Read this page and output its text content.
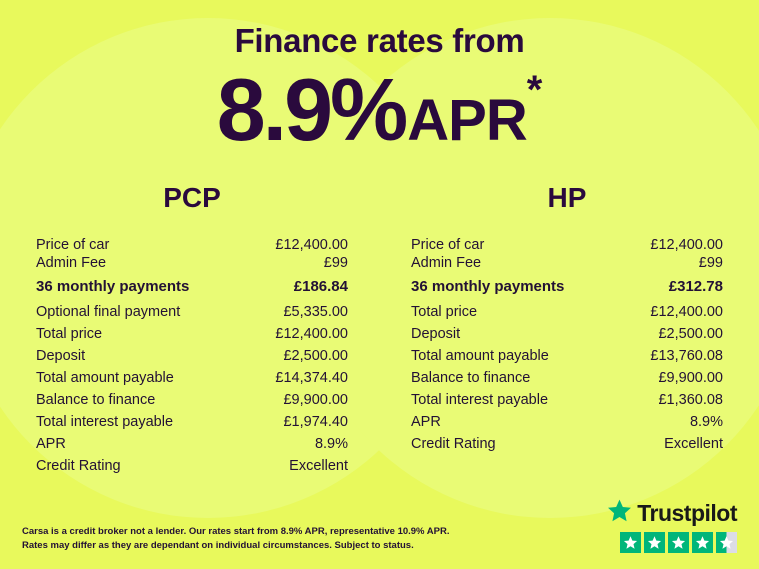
Finance rates from
8.9%APR*
PCP
Price of car	£12,400.00
Admin Fee	£99
36 monthly payments	£186.84
Optional final payment	£5,335.00
Total price	£12,400.00
Deposit	£2,500.00
Total amount payable	£14,374.40
Balance to finance	£9,900.00
Total interest payable	£1,974.40
APR	8.9%
Credit Rating	Excellent
HP
Price of car	£12,400.00
Admin Fee	£99
36 monthly payments	£312.78
Total price	£12,400.00
Deposit	£2,500.00
Total amount payable	£13,760.08
Balance to finance	£9,900.00
Total interest payable	£1,360.08
APR	8.9%
Credit Rating	Excellent
Carsa is a credit broker not a lender. Our rates start from 8.9% APR, representative 10.9% APR.
Rates may differ as they are dependant on individual circumstances. Subject to status.
Trustpilot
